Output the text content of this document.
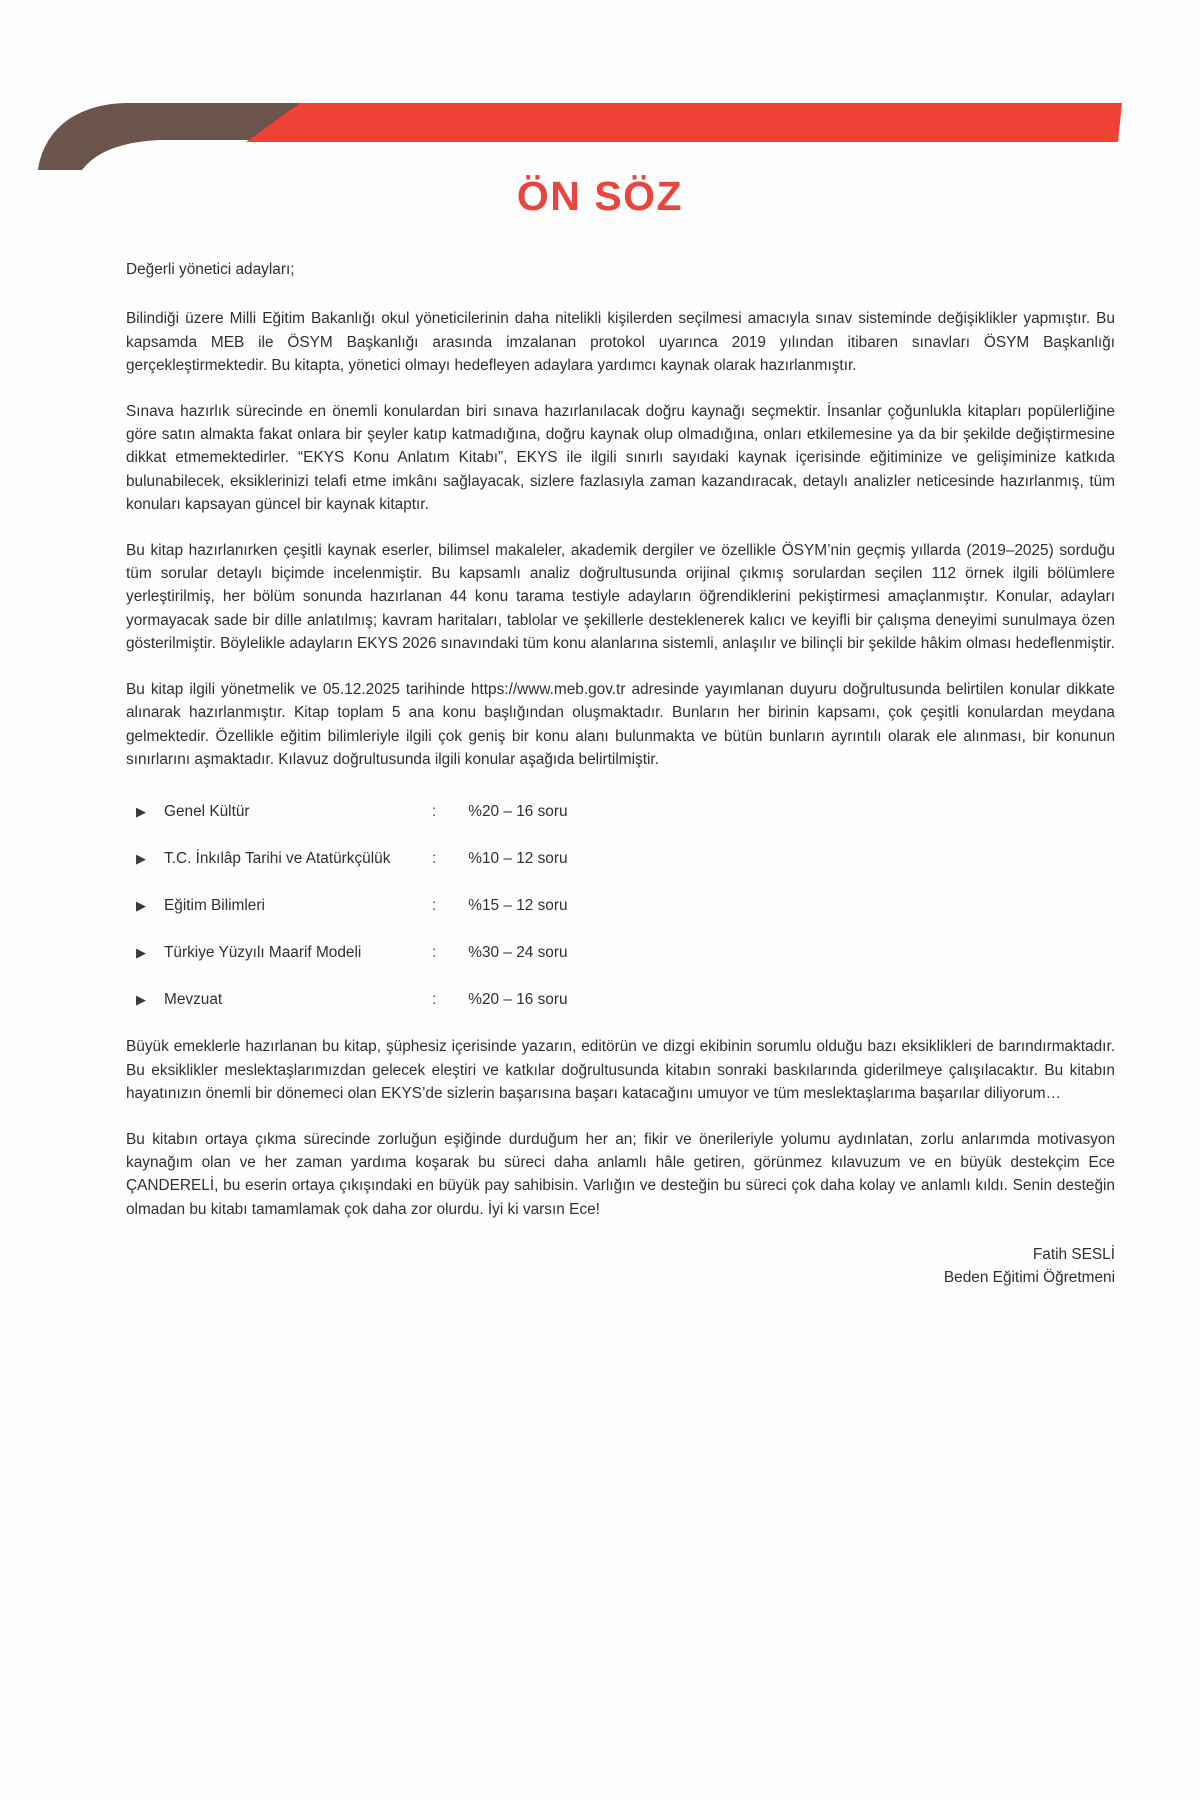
ÖN SÖZ

Değerli yönetici adayları;

Bilindiği üzere Milli Eğitim Bakanlığı okul yöneticilerinin daha nitelikli kişilerden seçilmesi amacıyla sınav sisteminde değişiklikler yapmıştır. Bu kapsamda MEB ile ÖSYM Başkanlığı arasında imzalanan protokol uyarınca 2019 yılından itibaren sınavları ÖSYM Başkanlığı gerçekleştirmektedir. Bu kitapta, yönetici olmayı hedefleyen adaylara yardımcı kaynak olarak hazırlanmıştır.

Sınava hazırlık sürecinde en önemli konulardan biri sınava hazırlanılacak doğru kaynağı seçmektir. İnsanlar çoğunlukla kitapları popülerliğine göre satın almakta fakat onlara bir şeyler katıp katmadığına, doğru kaynak olup olmadığına, onları etkilemesine ya da bir şekilde değiştirmesine dikkat etmemektedirler. “EKYS Konu Anlatım Kitabı”, EKYS ile ilgili sınırlı sayıdaki kaynak içerisinde eğitiminize ve gelişiminize katkıda bulunabilecek, eksiklerinizi telafi etme imkânı sağlayacak, sizlere fazlasıyla zaman kazandıracak, detaylı analizler neticesinde hazırlanmış, tüm konuları kapsayan güncel bir kaynak kitaptır.

Bu kitap hazırlanırken çeşitli kaynak eserler, bilimsel makaleler, akademik dergiler ve özellikle ÖSYM’nin geçmiş yıllarda (2019–2025) sorduğu tüm sorular detaylı biçimde incelenmiştir. Bu kapsamlı analiz doğrultusunda orijinal çıkmış sorulardan seçilen 112 örnek ilgili bölümlere yerleştirilmiş, her bölüm sonunda hazırlanan 44 konu tarama testiyle adayların öğrendiklerini pekiştirmesi amaçlanmıştır. Konular, adayları yormayacak sade bir dille anlatılmış; kavram haritaları, tablolar ve şekillerle desteklenerek kalıcı ve keyifli bir çalışma deneyimi sunulmaya özen gösterilmiştir. Böylelikle adayların EKYS 2026 sınavındaki tüm konu alanlarına sistemli, anlaşılır ve bilinçli bir şekilde hâkim olması hedeflenmiştir.

Bu kitap ilgili yönetmelik ve 05.12.2025 tarihinde https://www.meb.gov.tr adresinde yayımlanan duyuru doğrultusunda belirtilen konular dikkate alınarak hazırlanmıştır. Kitap toplam 5 ana konu başlığından oluşmaktadır. Bunların her birinin kapsamı, çok çeşitli konulardan meydana gelmektedir. Özellikle eğitim bilimleriyle ilgili çok geniş bir konu alanı bulunmakta ve bütün bunların ayrıntılı olarak ele alınması, bir konunun sınırlarını aşmaktadır. Kılavuz doğrultusunda ilgili konular aşağıda belirtilmiştir.

▶	Genel Kültür	:	%20 – 16 soru
▶	T.C. İnkılâp Tarihi ve Atatürkçülük	:	%10 – 12 soru
▶	Eğitim Bilimleri	:	%15 – 12 soru
▶	Türkiye Yüzyılı Maarif Modeli	:	%30 – 24 soru
▶	Mevzuat	:	%20 – 16 soru

Büyük emeklerle hazırlanan bu kitap, şüphesiz içerisinde yazarın, editörün ve dizgi ekibinin sorumlu olduğu bazı eksiklikleri de barındırmaktadır. Bu eksiklikler meslektaşlarımızdan gelecek eleştiri ve katkılar doğrultusunda kitabın sonraki baskılarında giderilmeye çalışılacaktır. Bu kitabın hayatınızın önemli bir dönemeci olan EKYS’de sizlerin başarısına başarı katacağını umuyor ve tüm meslektaşlarıma başarılar diliyorum…

Bu kitabın ortaya çıkma sürecinde zorluğun eşiğinde durduğum her an; fikir ve önerileriyle yolumu aydınlatan, zorlu anlarımda motivasyon kaynağım olan ve her zaman yardıma koşarak bu süreci daha anlamlı hâle getiren, görünmez kılavuzum ve en büyük destekçim Ece ÇANDERELİ, bu eserin ortaya çıkışındaki en büyük pay sahibisin. Varlığın ve desteğin bu süreci çok daha kolay ve anlamlı kıldı. Senin desteğin olmadan bu kitabı tamamlamak çok daha zor olurdu. İyi ki varsın Ece!

Fatih SESLİ
Beden Eğitimi Öğretmeni
